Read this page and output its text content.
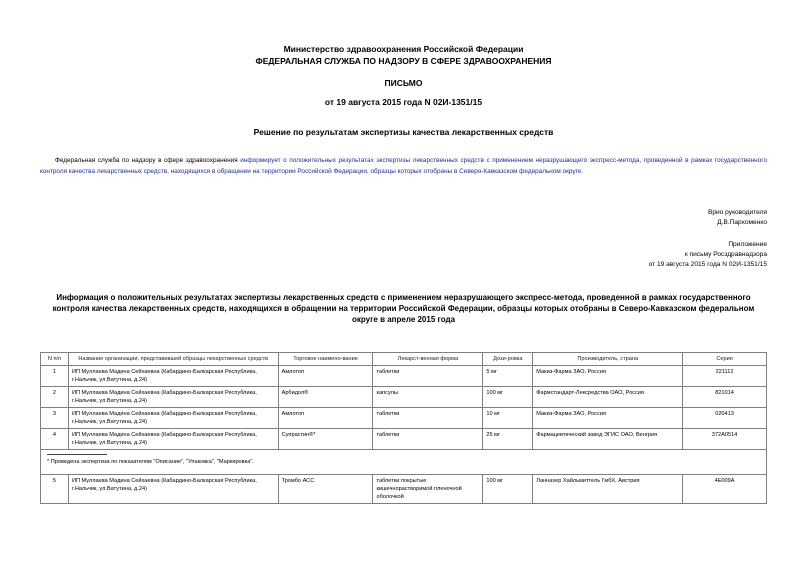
Министерство здравоохранения Российской Федерации
ФЕДЕРАЛЬНАЯ СЛУЖБА ПО НАДЗОРУ В СФЕРЕ ЗДРАВООХРАНЕНИЯ
ПИСЬМО
от 19 августа 2015 года N 02И-1351/15
Решение по результатам экспертизы качества лекарственных средств
Федеральная служба по надзору в сфере здравоохранения информирует о положительных результатах экспертизы лекарственных средств с применением неразрушающего экспресс-метода, проведенной в рамках государственного контроля качества лекарственных средств, находящихся в обращении на территории Российской Федерации, образцы которых отобраны в Северо-Кавказском федеральном округе.
Врио руководителя
Д.В.Пархоменко
Приложение
к письму Росздравнадзора
от 19 августа 2015 года N 02И-1351/15
Информация о положительных результатах экспертизы лекарственных средств с применением неразрушающего экспресс-метода, проведенной в рамках государственного контроля качества лекарственных средств, находящихся в обращении на территории Российской Федерации, образцы которых отобраны в Северо-Кавказском федеральном округе в апреле 2015 года
N п/п	Название организации, представившей образцы лекарственных средств	Торговое наимено-вание	Лекарст-венная форма	Дози-ровка	Производитель, страна	Серия
1	ИП Муллаева Мадина Сейхаевна (Кабардино-Балкарская Республика, г.Нальчик, ул.Ватутина, д.24)	Амлотоп	таблетки	5 мг	Макиз-Фарма ЗАО, Россия	221112
2	ИП Муллаева Мадина Сейхаевна (Кабардино-Балкарская Республика, г.Нальчик, ул.Ватутина, д.24)	Арбидол®	капсулы	100 мг	Фармстандарт-Лексредства ОАО, Россия	821014
3	ИП Муллаева Мадина Сейхаевна (Кабардино-Балкарская Республика, г.Нальчик, ул.Ватутина, д.24)	Амлотоп	таблетки	10 мг	Макиз-Фарма ЗАО, Россия	020413
4	ИП Муллаева Мадина Сейхаевна (Кабардино-Балкарская Республика, г.Нальчик, ул.Ватутина, д.24)	Супрастин®*	таблетки	25 мг	Фармацевтический завод ЭГИС ОАО, Венгрия	372А0514

* Проведена экспертиза по показателям "Описание", "Упаковка", "Маркировка".						

5	ИП Муллаева Мадина Сейхаевна (Кабардино-Балкарская Республика, г.Нальчик, ул.Ватутина, д.24)	Тромбо АСС	таблетки покрытые кишечнорастворимой пленочной оболочкой	100 мг	Ланнахер Хайльмиттель ГмбХ, Австрия	4Е009А
